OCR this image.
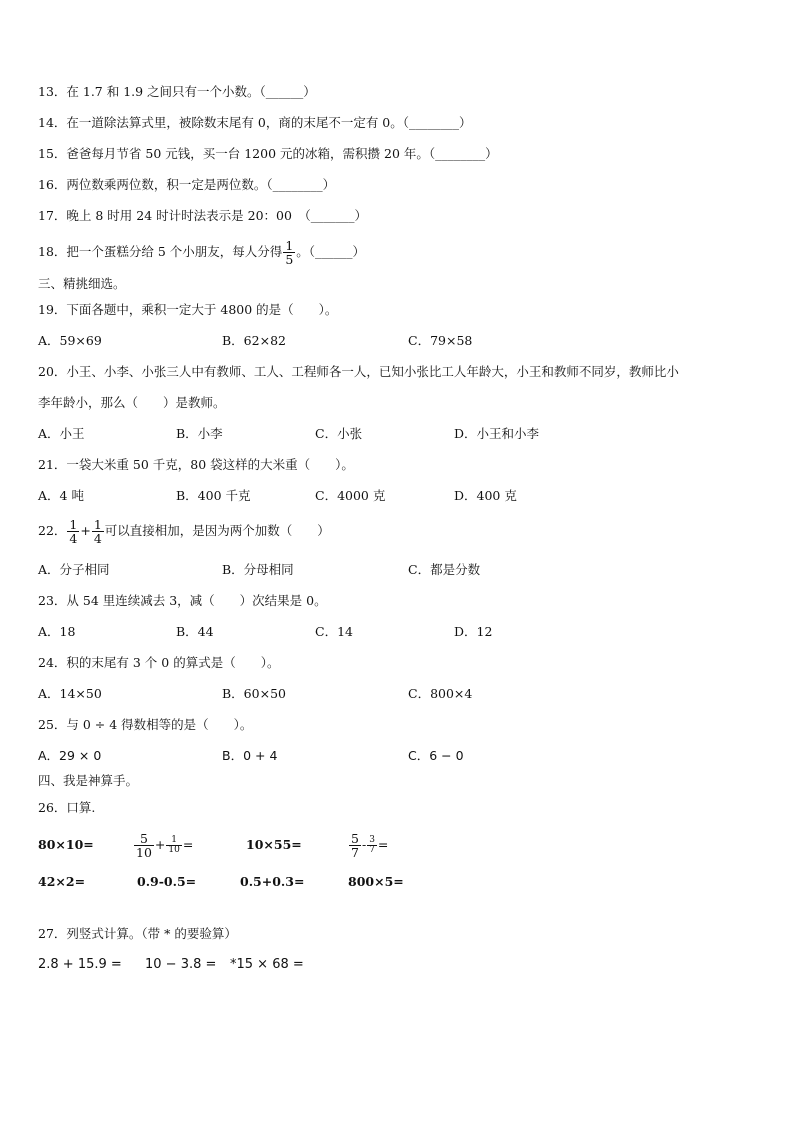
13．在 1.7 和 1.9 之间只有一个小数。（______）
14．在一道除法算式里，被除数末尾有 0，商的末尾不一定有 0。（________）
15．爸爸每月节省 50 元钱，买一台 1200 元的冰箱，需积攒 20 年。（________）
16．两位数乘两位数，积一定是两位数。（________）
17．晚上 8 时用 24 时计时法表示是 20：00　（_______）
18．把一个蛋糕分给 5 个小朋友，每人分得 $\frac{1}{5}$ 。（______）
三、精挑细选。
19．下面各题中，乘积一定大于 4800 的是（　　）。
A．59×69	B．62×82	C．79×58
20．小王、小李、小张三人中有教师、工人、工程师各一人，已知小张比工人年龄大，小王和教师不同岁，教师比小
李年龄小，那么（　　）是教师。
A．小王	B．小李	C．小张	D．小王和小李
21．一袋大米重 50 千克，80 袋这样的大米重（　　）。
A．4 吨	B．400 千克	C．4000 克	D．400 克
22． $\frac{1}{4} + \frac{1}{4}$ 可以直接相加，是因为两个加数（　　）
A．分子相同	B．分母相同	C．都是分数
23．从 54 里连续减去 3，减（　　）次结果是 0。
A．18	B．44	C．14	D．12
24．积的末尾有 3 个 0 的算式是（　　）。
A．14×50	B．60×50	C．800×4
25．与 0 ÷ 4 得数相等的是（　　）。
A．29 × 0	B．0 + 4	C．6 − 0
四、我是神算手。
26．口算.
80×10=	$\frac{5}{10} + \frac{1}{10}$ =	10×55=	$\frac{5}{7} - \frac{3}{7}$ =
42×2=	0.9-0.5=	0.5+0.3=	800×5=
27．列竖式计算。（带 * 的要验算）
2.8 + 15.9 = 10 − 3.8 = *15 × 68 =
